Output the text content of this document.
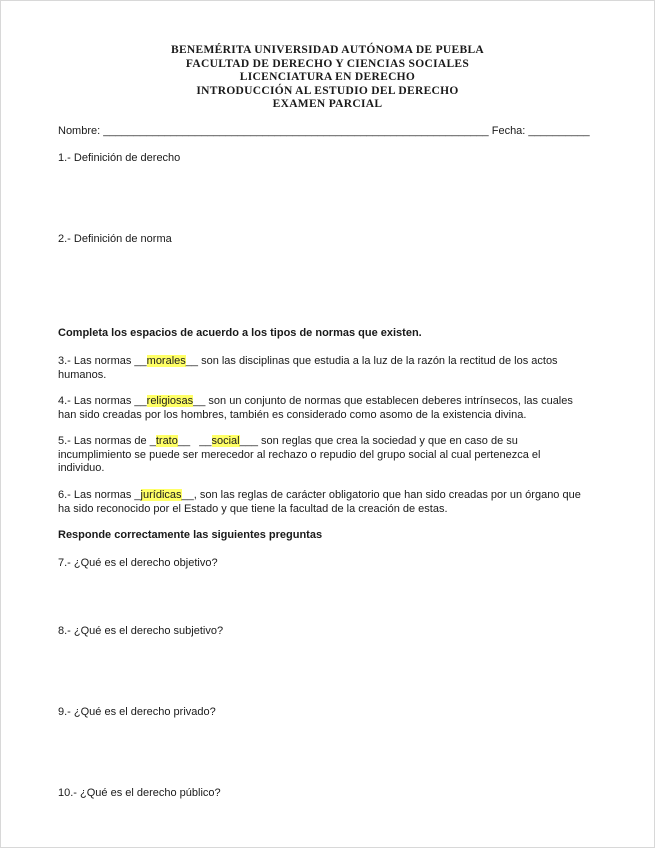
BENEMÉRITA UNIVERSIDAD AUTÓNOMA DE PUEBLA
FACULTAD DE DERECHO Y CIENCIAS SOCIALES
LICENCIATURA EN DERECHO
INTRODUCCIÓN AL ESTUDIO DEL DERECHO
EXAMEN PARCIAL
Nombre: _______________________________________________________________ Fecha: __________
1.- Definición de derecho
2.- Definición de norma
Completa los espacios de acuerdo a los tipos de normas que existen.
3.- Las normas __morales__ son las disciplinas que estudia a la luz de la razón la rectitud de los actos
humanos.
4.- Las normas __religiosas__ son un conjunto de normas que establecen deberes intrínsecos, las cuales
han sido creadas por los hombres, también es considerado como asomo de la existencia divina.
5.- Las normas de _trato__   __social___ son reglas que crea la sociedad y que en caso de su
incumplimiento se puede ser merecedor al rechazo o repudio del grupo social al cual pertenezca el
individuo.
6.- Las normas _jurídicas__, son las reglas de carácter obligatorio que han sido creadas por un órgano que
ha sido reconocido por el Estado y que tiene la facultad de la creación de estas.
Responde correctamente las siguientes preguntas
7.- ¿Qué es el derecho objetivo?
8.- ¿Qué es el derecho subjetivo?
9.- ¿Qué es el derecho privado?
10.- ¿Qué es el derecho público?
